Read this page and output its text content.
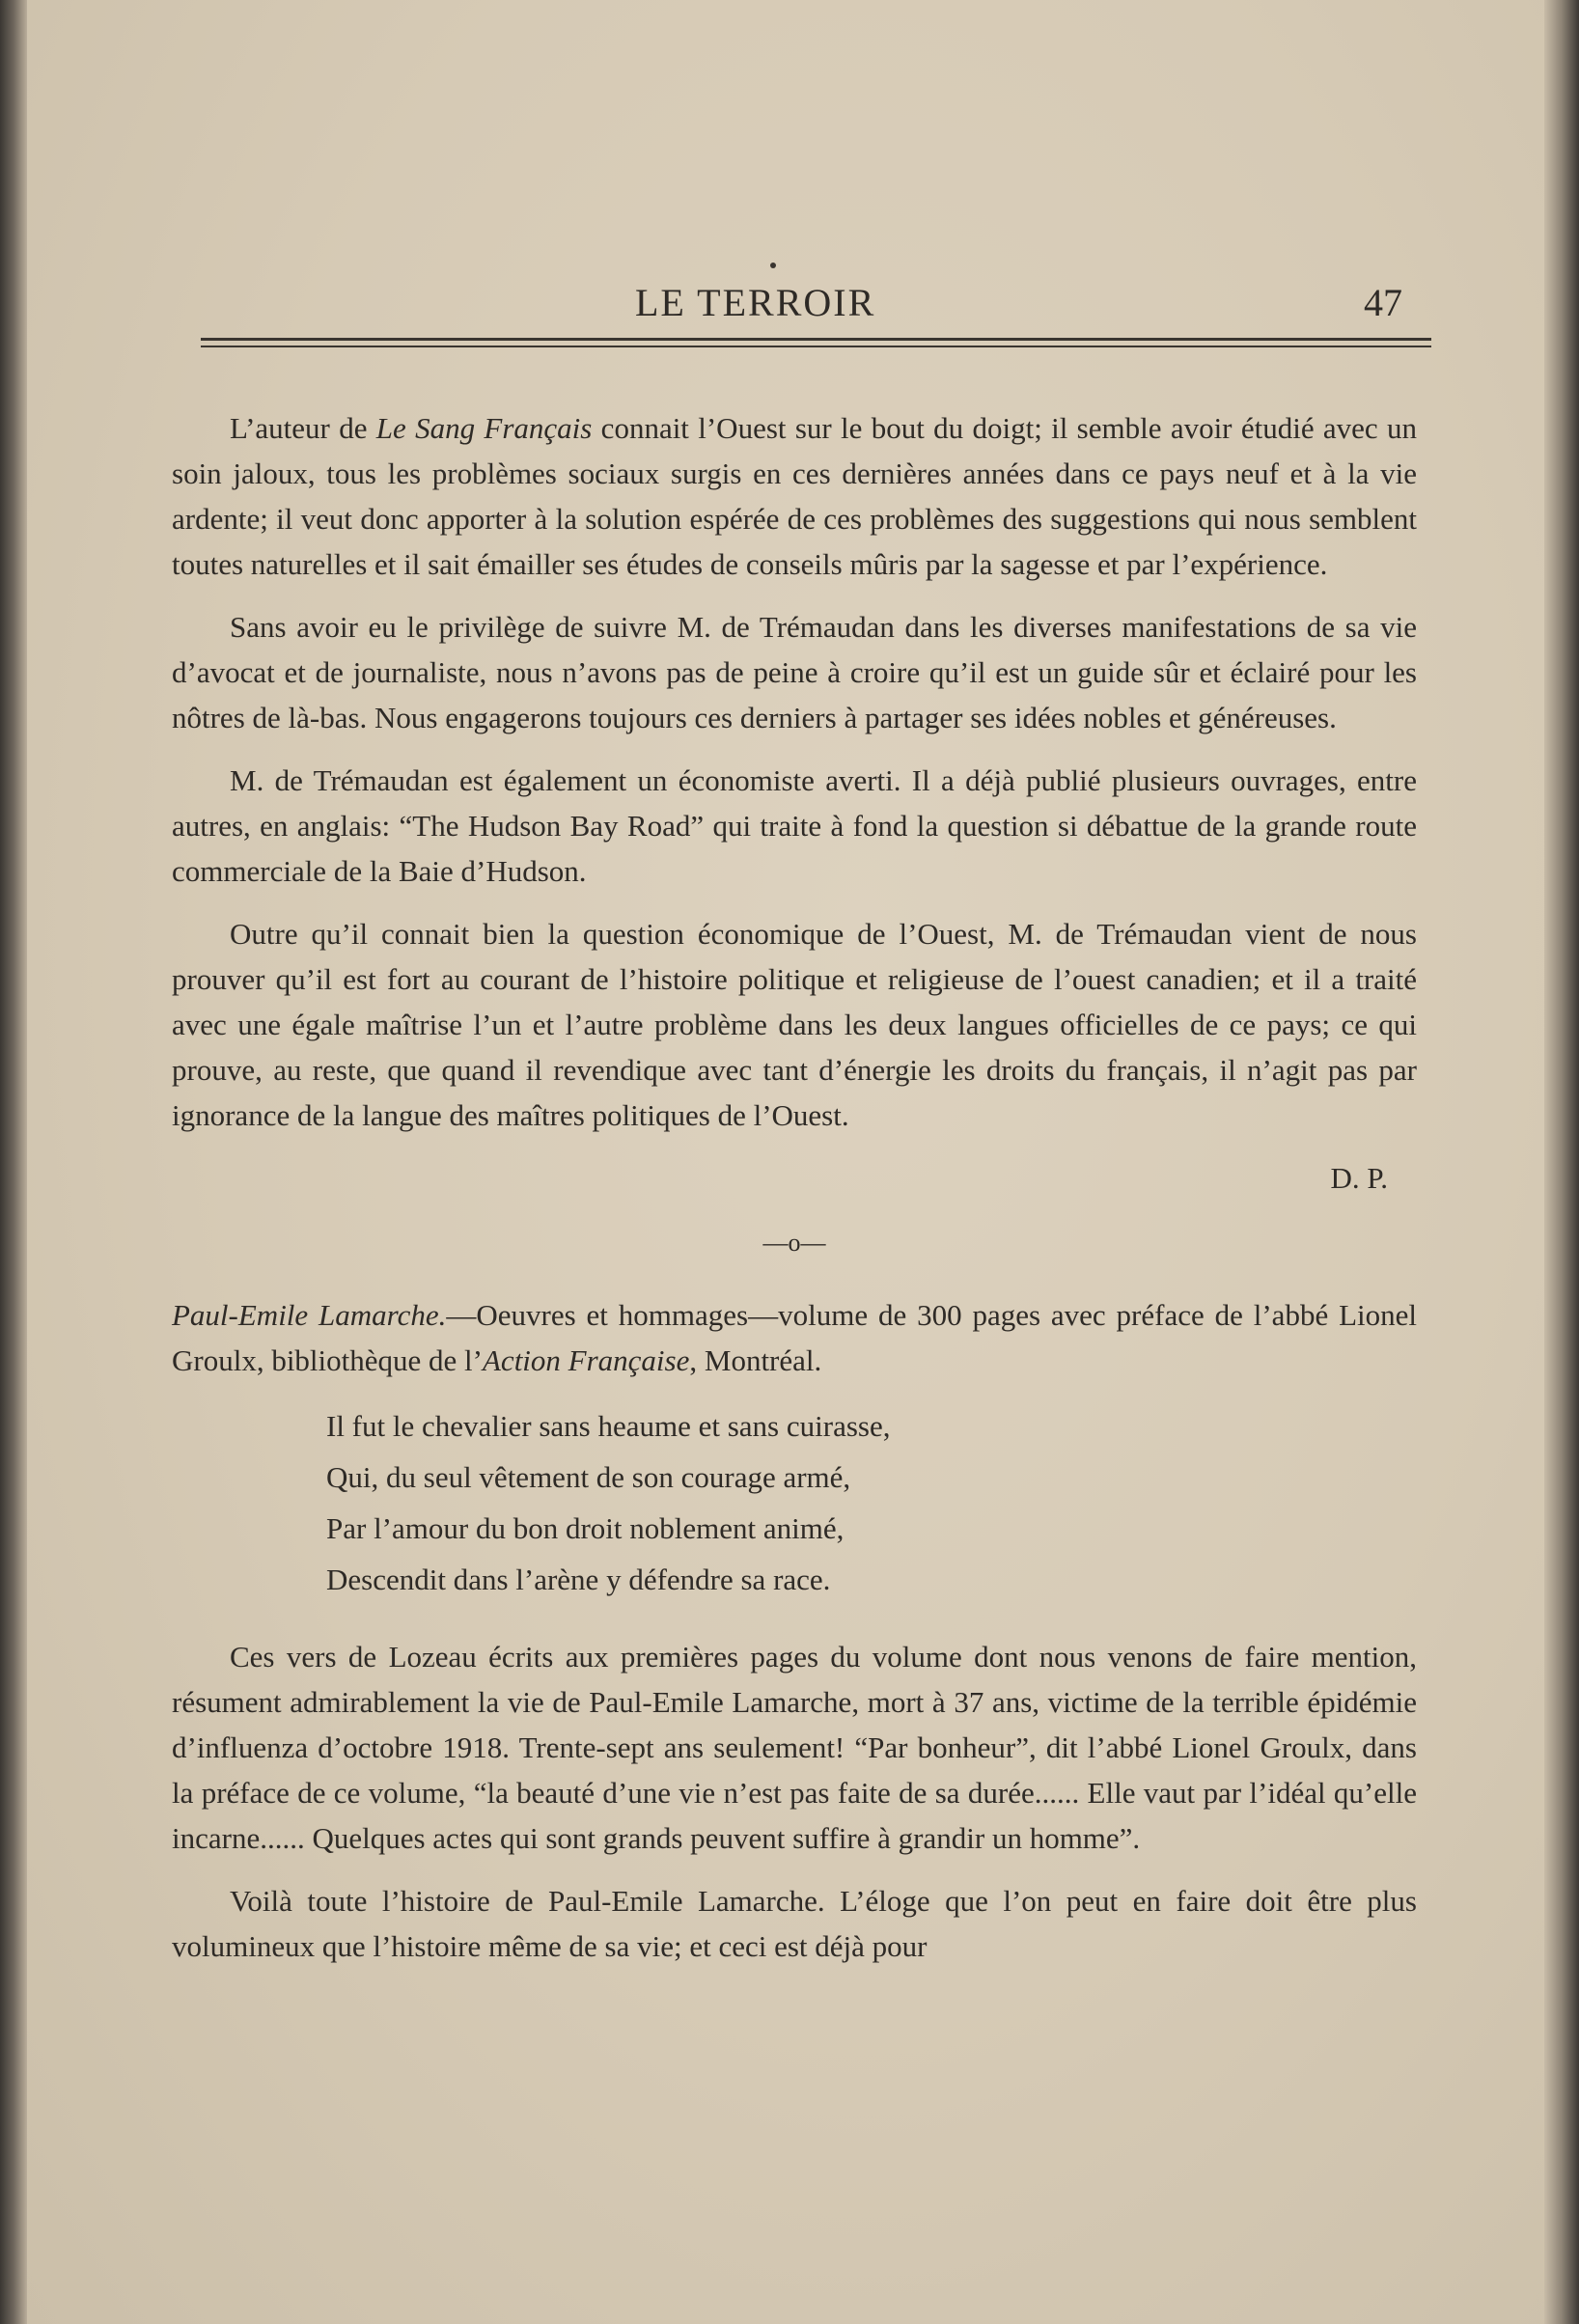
LE TERROIR	47

L’auteur de Le Sang Français connait l’Ouest sur le bout du doigt; il semble avoir étudié avec un soin jaloux, tous les problèmes sociaux surgis en ces dernières années dans ce pays neuf et à la vie ardente; il veut donc apporter à la solution espérée de ces problèmes des suggestions qui nous semblent toutes naturelles et il sait émailler ses études de conseils mûris par la sagesse et par l’expérience.

Sans avoir eu le privilège de suivre M. de Trémaudan dans les diverses manifestations de sa vie d’avocat et de journaliste, nous n’avons pas de peine à croire qu’il est un guide sûr et éclairé pour les nôtres de là-bas. Nous engagerons toujours ces derniers à partager ses idées nobles et généreuses.

M. de Trémaudan est également un économiste averti. Il a déjà publié plusieurs ouvrages, entre autres, en anglais: “The Hudson Bay Road” qui traite à fond la question si débattue de la grande route commerciale de la Baie d’Hudson.

Outre qu’il connait bien la question économique de l’Ouest, M. de Trémaudan vient de nous prouver qu’il est fort au courant de l’histoire politique et religieuse de l’ouest canadien; et il a traité avec une égale maîtrise l’un et l’autre problème dans les deux langues officielles de ce pays; ce qui prouve, au reste, que quand il revendique avec tant d’énergie les droits du français, il n’agit pas par ignorance de la langue des maîtres politiques de l’Ouest.

D. P.
—o—

Paul-Emile Lamarche.—Oeuvres et hommages—volume de 300 pages avec préface de l’abbé Lionel Groulx, bibliothèque de l’Action Française, Montréal.

Il fut le chevalier sans heaume et sans cuirasse,
Qui, du seul vêtement de son courage armé,
Par l’amour du bon droit noblement animé,
Descendit dans l’arène y défendre sa race.

Ces vers de Lozeau écrits aux premières pages du volume dont nous venons de faire mention, résument admirablement la vie de Paul-Emile Lamarche, mort à 37 ans, victime de la terrible épidémie d’influenza d’octobre 1918. Trente-sept ans seulement! “Par bonheur”, dit l’abbé Lionel Groulx, dans la préface de ce volume, “la beauté d’une vie n’est pas faite de sa durée...... Elle vaut par l’idéal qu’elle incarne...... Quelques actes qui sont grands peuvent suffire à grandir un homme”.

Voilà toute l’histoire de Paul-Emile Lamarche. L’éloge que l’on peut en faire doit être plus volumineux que l’histoire même de sa vie; et ceci est déjà pour
